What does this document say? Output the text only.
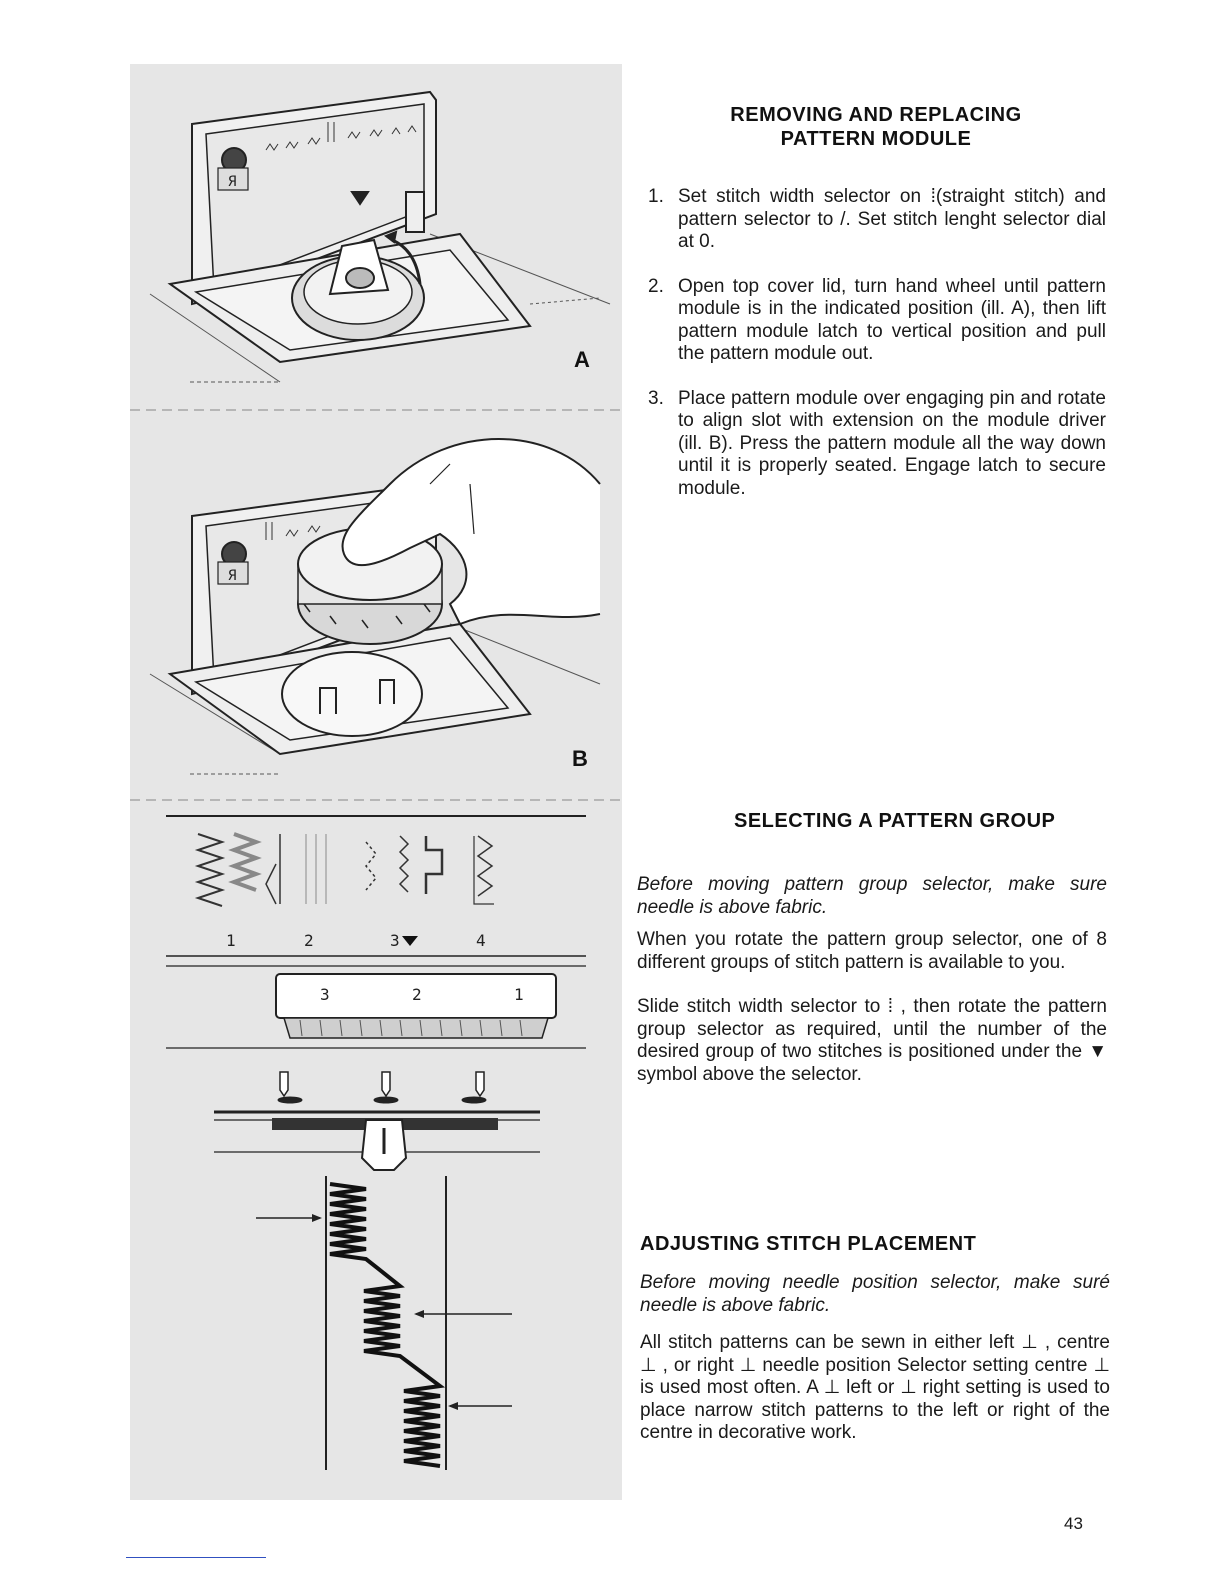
Я
A
Я
B
1	2	3	4
3	2	1
REMOVING AND REPLACING
PATTERN MODULE
1. Set stitch width selector on ⁞(straight stitch) and pattern selector to /. Set stitch lenght selector dial at 0.
2. Open top cover lid, turn hand wheel until pattern module is in the indicated position (ill. A), then lift pattern module latch to vertical position and pull the pattern module out.
3. Place pattern module over engaging pin and rotate to align slot with extension on the module driver (ill. B). Press the pattern module all the way down until it is properly seated. Engage latch to secure module.
SELECTING A PATTERN GROUP
Before moving pattern group selector, make sure needle is above fabric.
When you rotate the pattern group selector, one of 8 different groups of stitch pattern is available to you.
Slide stitch width selector to ⁞ , then rotate the pattern group selector as required, until the number of the desired group of two stitches is positioned under the ▼ symbol above the selector.
ADJUSTING STITCH PLACEMENT
Before moving needle position selector, make suré needle is above fabric.
All stitch patterns can be sewn in either left ⊥ , centre ⊥ , or right ⊥ needle position Selector setting centre ⊥ is used most often. A ⊥ left or ⊥ right setting is used to place narrow stitch patterns to the left or right of the centre in decorative work.
43
